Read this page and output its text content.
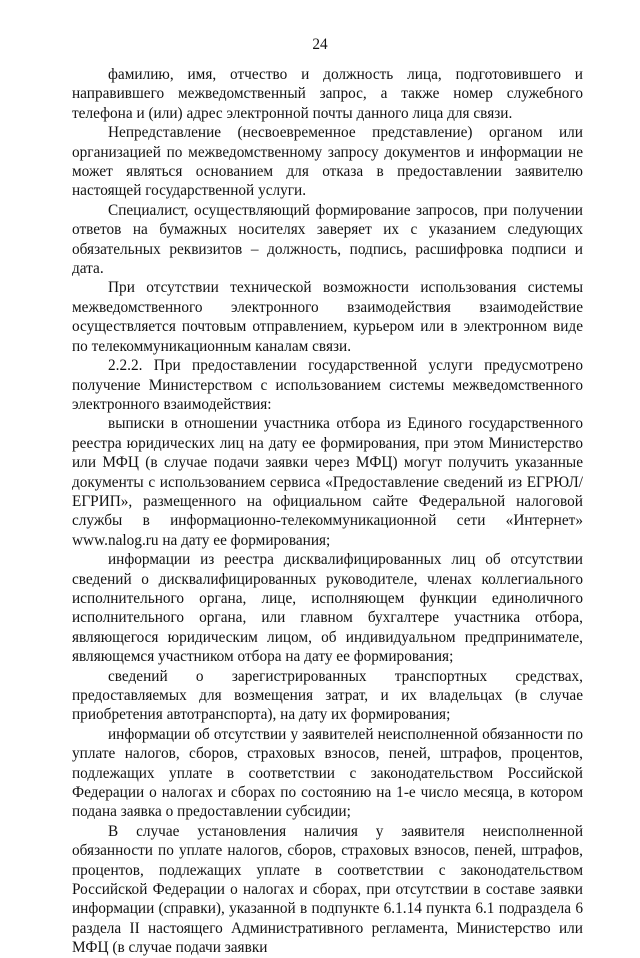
24

фамилию, имя, отчество и должность лица, подготовившего и направившего межведомственный запрос, а также номер служебного телефона и (или) адрес электронной почты данного лица для связи.

Непредставление (несвоевременное представление) органом или организацией по межведомственному запросу документов и информации не может являться основанием для отказа в предоставлении заявителю настоящей государственной услуги.

Специалист, осуществляющий формирование запросов, при получении ответов на бумажных носителях заверяет их с указанием следующих обязательных реквизитов – должность, подпись, расшифровка подписи и дата.

При отсутствии технической возможности использования системы межведомственного электронного взаимодействия взаимодействие осуществляется почтовым отправлением, курьером или в электронном виде по телекоммуникационным каналам связи.

2.2.2. При предоставлении государственной услуги предусмотрено получение Министерством с использованием системы межведомственного электронного взаимодействия:

выписки в отношении участника отбора из Единого государственного реестра юридических лиц на дату ее формирования, при этом Министерство или МФЦ (в случае подачи заявки через МФЦ) могут получить указанные документы с использованием сервиса «Предоставление сведений из ЕГРЮЛ/ЕГРИП», размещенного на официальном сайте Федеральной налоговой службы в информационно-телекоммуникационной сети «Интернет» www.nalog.ru на дату ее формирования;

информации из реестра дисквалифицированных лиц об отсутствии сведений о дисквалифицированных руководителе, членах коллегиального исполнительного органа, лице, исполняющем функции единоличного исполнительного органа, или главном бухгалтере участника отбора, являющегося юридическим лицом, об индивидуальном предпринимателе, являющемся участником отбора на дату ее формирования;

сведений о зарегистрированных транспортных средствах, предоставляемых для возмещения затрат, и их владельцах (в случае приобретения автотранспорта), на дату их формирования;

информации об отсутствии у заявителей неисполненной обязанности по уплате налогов, сборов, страховых взносов, пеней, штрафов, процентов, подлежащих уплате в соответствии с законодательством Российской Федерации о налогах и сборах по состоянию на 1-е число месяца, в котором подана заявка о предоставлении субсидии;

В случае установления наличия у заявителя неисполненной обязанности по уплате налогов, сборов, страховых взносов, пеней, штрафов, процентов, подлежащих уплате в соответствии с законодательством Российской Федерации о налогах и сборах, при отсутствии в составе заявки информации (справки), указанной в подпункте 6.1.14 пункта 6.1 подраздела 6 раздела II настоящего Административного регламента, Министерство или МФЦ (в случае подачи заявки
